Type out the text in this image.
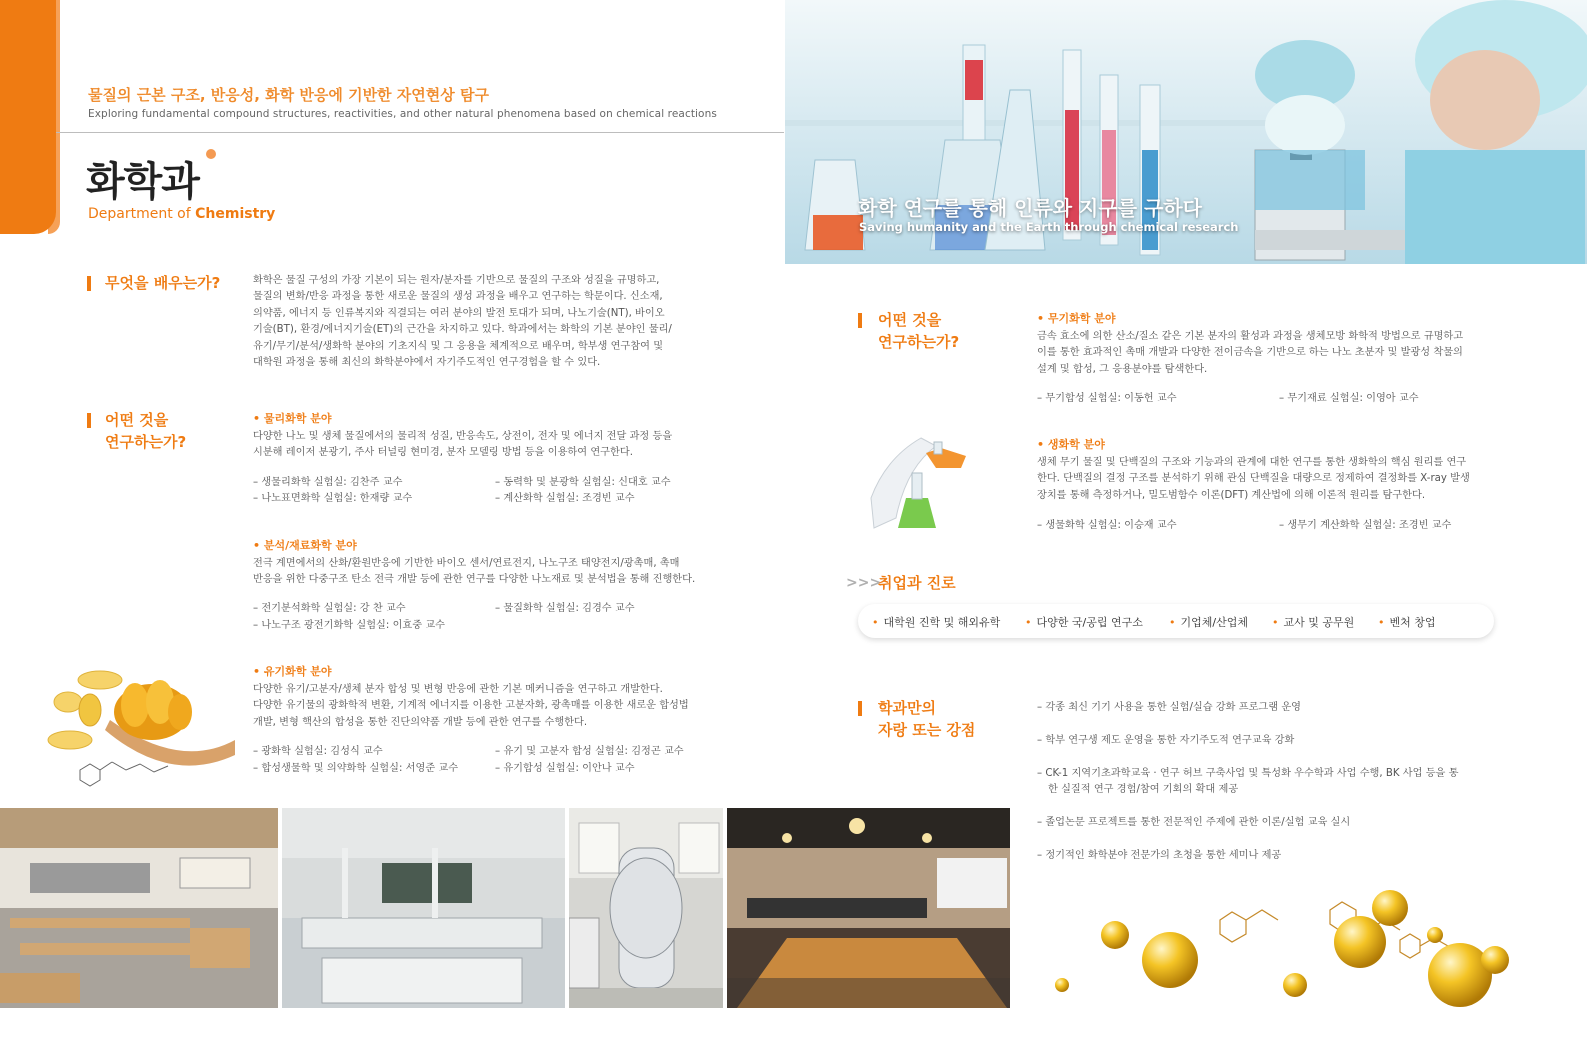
물질의 근본 구조, 반응성, 화학 반응에 기반한 자연현상 탐구
Exploring fundamental compound structures, reactivities, and other natural phenomena based on chemical reactions
화학과
Department of Chemistry	화학 연구를 통해 인류와 지구를 구하다
Saving humanity and the Earth through chemical research
무엇을 배우는가?	화학은 물질 구성의 가장 기본이 되는 원자/분자를 기반으로 물질의 구조와 성질을 규명하고,
물질의 변화/반응 과정을 통한 새로운 물질의 생성 과정을 배우고 연구하는 학문이다. 신소재,
의약품, 에너지 등 인류복지와 직결되는 여러 분야의 발전 토대가 되며, 나노기술(NT), 바이오
기술(BT), 환경/에너지기술(ET)의 근간을 차지하고 있다. 학과에서는 화학의 기본 분야인 물리/
유기/무기/분석/생화학 분야의 기초지식 및 그 응용을 체계적으로 배우며, 학부생 연구참여 및
대학원 과정을 통해 최신의 화학분야에서 자기주도적인 연구경험을 할 수 있다.
어떤 것을
연구하는가?
• 물리화학 분야
다양한 나노 및 생체 물질에서의 물리적 성질, 반응속도, 상전이, 전자 및 에너지 전달 과정 등을
시분해 레이저 분광기, 주사 터널링 현미경, 분자 모델링 방법 등을 이용하여 연구한다.
– 생물리화학 실험실: 김찬주 교수	– 동력학 및 분광학 실험실: 신대호 교수
– 나노표면화학 실험실: 한재량 교수	– 계산화학 실험실: 조경빈 교수
• 분석/재료화학 분야
전극 계면에서의 산화/환원반응에 기반한 바이오 센서/연료전지, 나노구조 태양전지/광촉매, 촉매
반응을 위한 다중구조 탄소 전극 개발 등에 관한 연구를 다양한 나노재료 및 분석법을 통해 진행한다.
– 전기분석화학 실험실: 강 찬 교수	– 물질화학 실험실: 김경수 교수
– 나노구조 광전기화학 실험실: 이효중 교수
• 유기화학 분야
다양한 유기/고분자/생체 분자 합성 및 변형 반응에 관한 기본 메커니즘을 연구하고 개발한다.
다양한 유기물의 광화학적 변환, 기계적 에너지를 이용한 고분자화, 광촉매를 이용한 새로운 합성법
개발, 변형 핵산의 합성을 통한 진단의약품 개발 등에 관한 연구를 수행한다.
– 광화학 실험실: 김성식 교수	– 유기 및 고분자 합성 실험실: 김정곤 교수
– 합성생물학 및 의약화학 실험실: 서영준 교수	– 유기합성 실험실: 이안나 교수
어떤 것을
연구하는가?
• 무기화학 분야
금속 효소에 의한 산소/질소 같은 기본 분자의 활성과 과정을 생체모방 화학적 방법으로 규명하고
이를 통한 효과적인 촉매 개발과 다양한 전이금속을 기반으로 하는 나노 초분자 및 발광성 착물의
설계 및 합성, 그 응용분야를 탐색한다.
– 무기합성 실험실: 이동헌 교수	– 무기재료 실험실: 이영아 교수
• 생화학 분야
생체 무기 물질 및 단백질의 구조와 기능과의 관계에 대한 연구를 통한 생화학의 핵심 원리를 연구
한다. 단백질의 결정 구조를 분석하기 위해 관심 단백질을 대량으로 정제하여 결정화를 X-ray 발생
장치를 통해 측정하거나, 밀도범함수 이론(DFT) 계산법에 의해 이론적 원리를 탐구한다.
– 생물화학 실험실: 이승재 교수	– 생무기 계산화학 실험실: 조경빈 교수
>>>
취업과 진로
• 대학원 진학 및 해외유학	• 다양한 국/공립 연구소	• 기업체/산업체	• 교사 및 공무원	• 벤처 창업
학과만의
자랑 또는 강점
– 각종 최신 기기 사용을 통한 실험/실습 강화 프로그램 운영
– 학부 연구생 제도 운영을 통한 자기주도적 연구교육 강화
– CK-1 지역기초과학교육 · 연구 허브 구축사업 및 특성화 우수학과 사업 수행, BK 사업 등을 통
한 실질적 연구 경험/참여 기회의 확대 제공
– 졸업논문 프로젝트를 통한 전문적인 주제에 관한 이론/실험 교육 실시
– 정기적인 화학분야 전문가의 초청을 통한 세미나 제공
